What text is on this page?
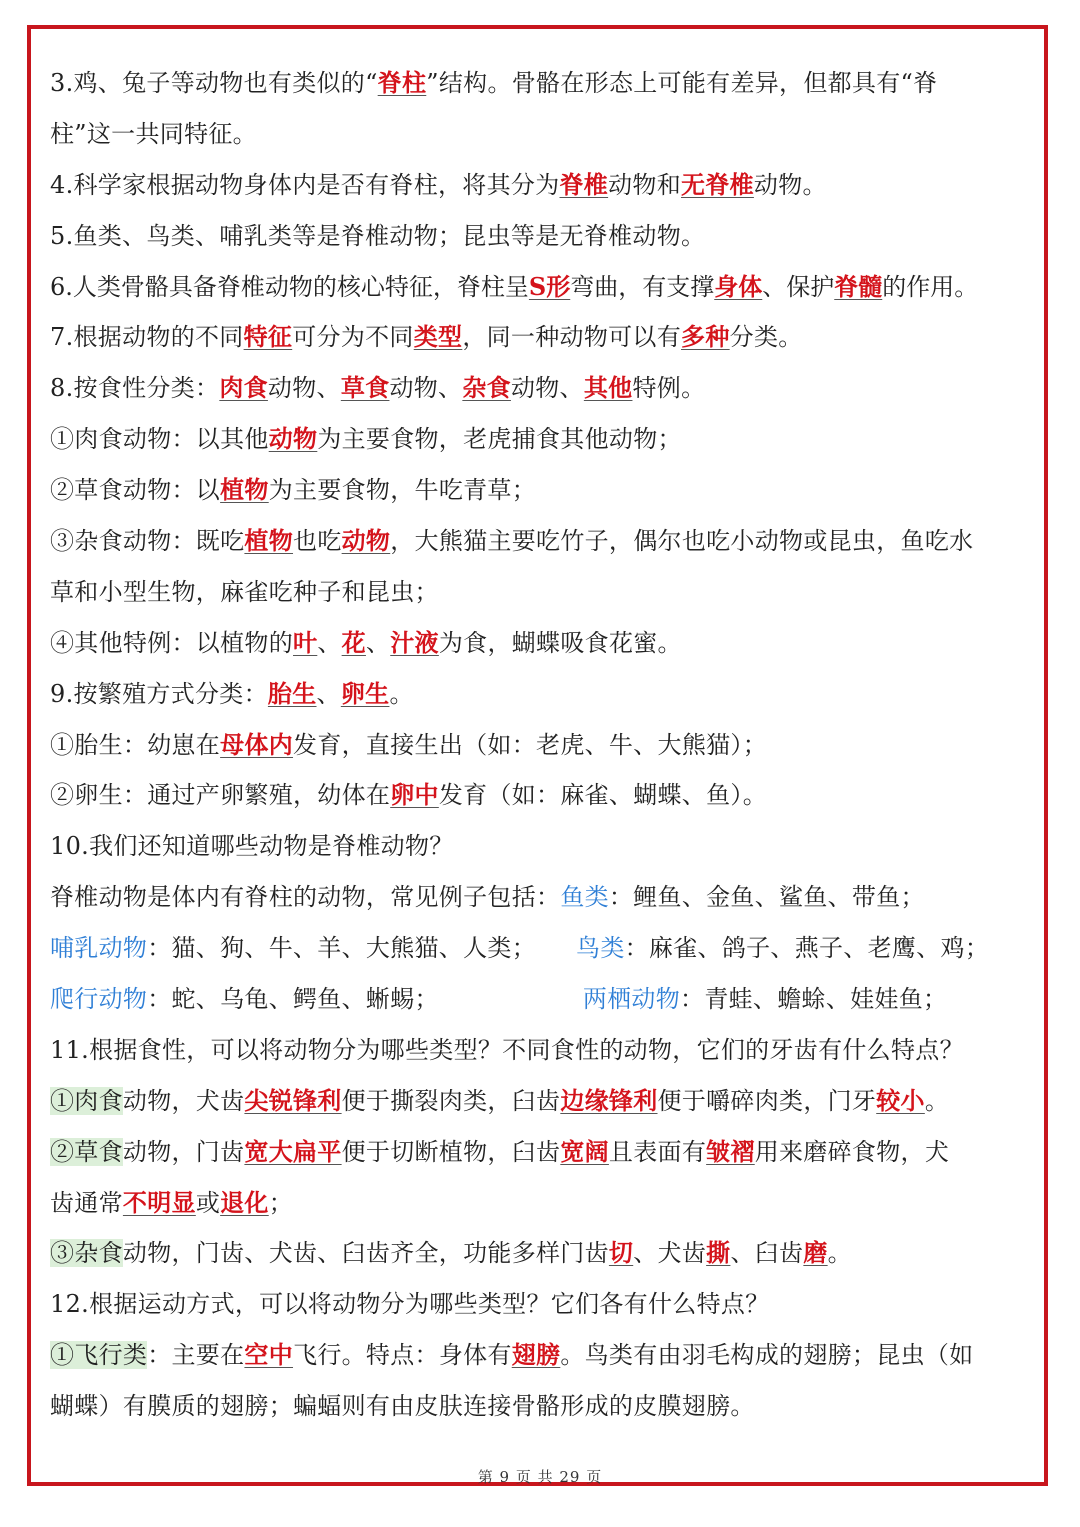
3.鸡、兔子等动物也有类似的“脊柱”结构。骨骼在形态上可能有差异，但都具有“脊
柱”这一共同特征。
4.科学家根据动物身体内是否有脊柱，将其分为脊椎动物和无脊椎动物。
5.鱼类、鸟类、哺乳类等是脊椎动物；昆虫等是无脊椎动物。
6.人类骨骼具备脊椎动物的核心特征，脊柱呈S形弯曲，有支撑身体、保护脊髓的作用。
7.根据动物的不同特征可分为不同类型，同一种动物可以有多种分类。
8.按食性分类：肉食动物、草食动物、杂食动物、其他特例。
①肉食动物：以其他动物为主要食物，老虎捕食其他动物；
②草食动物：以植物为主要食物，牛吃青草；
③杂食动物：既吃植物也吃动物，大熊猫主要吃竹子，偶尔也吃小动物或昆虫，鱼吃水
草和小型生物，麻雀吃种子和昆虫；
④其他特例：以植物的叶、花、汁液为食，蝴蝶吸食花蜜。
9.按繁殖方式分类：胎生、卵生。
①胎生：幼崽在母体内发育，直接生出（如：老虎、牛、大熊猫）；
②卵生：通过产卵繁殖，幼体在卵中发育（如：麻雀、蝴蝶、鱼）。
10.我们还知道哪些动物是脊椎动物？
脊椎动物是体内有脊柱的动物，常见例子包括：鱼类：鲤鱼、金鱼、鲨鱼、带鱼；
哺乳动物：猫、狗、牛、羊、大熊猫、人类； 鸟类：麻雀、鸽子、燕子、老鹰、鸡；
爬行动物：蛇、乌龟、鳄鱼、蜥蜴；	两栖动物：青蛙、蟾蜍、娃娃鱼；
11.根据食性，可以将动物分为哪些类型？不同食性的动物，它们的牙齿有什么特点？
①肉食动物，犬齿尖锐锋利便于撕裂肉类，臼齿边缘锋利便于嚼碎肉类，门牙较小。
②草食动物，门齿宽大扁平便于切断植物，臼齿宽阔且表面有皱褶用来磨碎食物，犬
齿通常不明显或退化；
③杂食动物，门齿、犬齿、臼齿齐全，功能多样门齿切、犬齿撕、臼齿磨。
12.根据运动方式，可以将动物分为哪些类型？它们各有什么特点？
①飞行类：主要在空中飞行。特点：身体有翅膀。鸟类有由羽毛构成的翅膀；昆虫（如
蝴蝶）有膜质的翅膀；蝙蝠则有由皮肤连接骨骼形成的皮膜翅膀。
第 9 页 共 29 页
